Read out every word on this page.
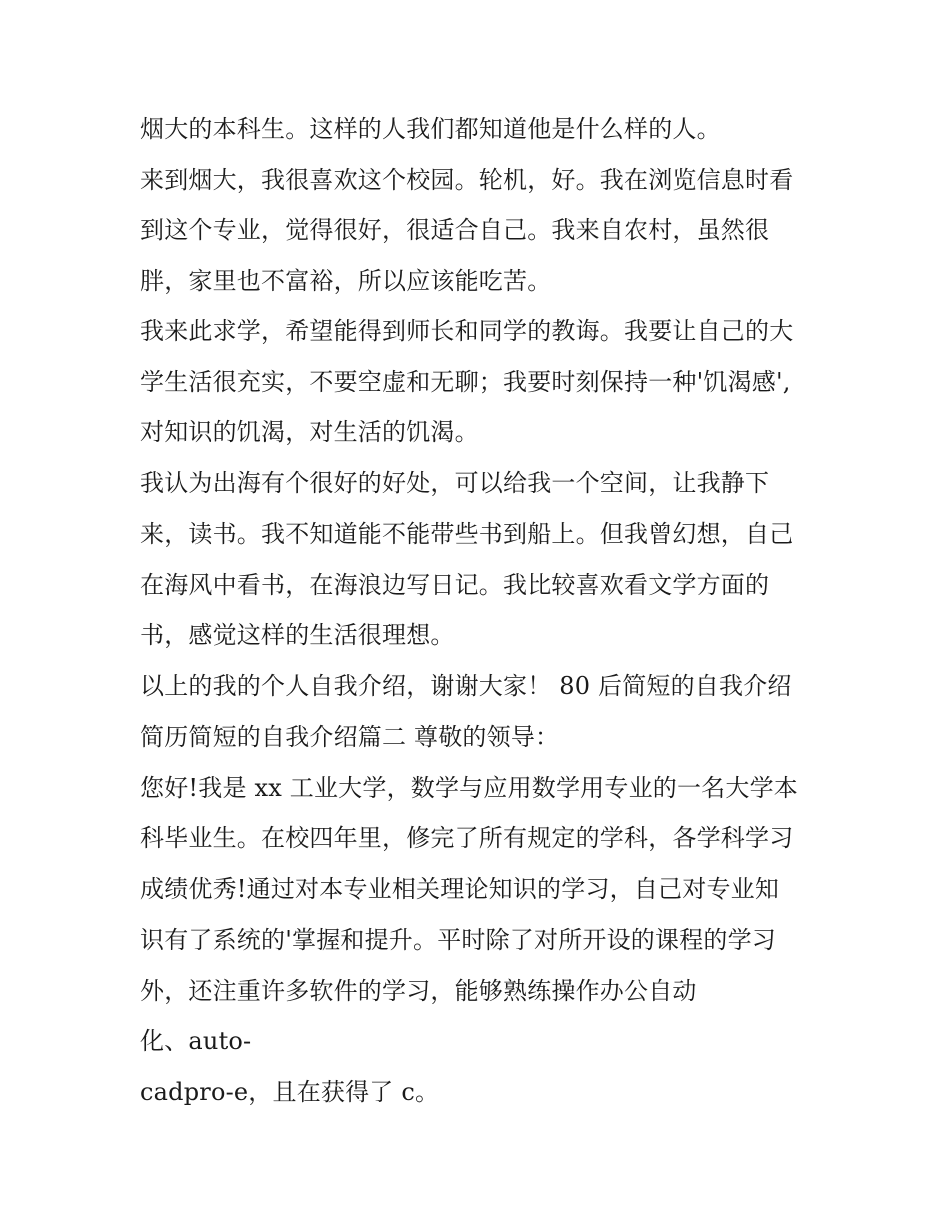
烟大的本科生。这样的人我们都知道他是什么样的人。

来到烟大，我很喜欢这个校园。轮机，好。我在浏览信息时看

到这个专业，觉得很好，很适合自己。我来自农村，虽然很

胖，家里也不富裕，所以应该能吃苦。

我来此求学，希望能得到师长和同学的教诲。我要让自己的大

学生活很充实，不要空虚和无聊；我要时刻保持一种'饥渴感',

对知识的饥渴，对生活的饥渴。

我认为出海有个很好的好处，可以给我一个空间，让我静下

来，读书。我不知道能不能带些书到船上。但我曾幻想，自己

在海风中看书，在海浪边写日记。我比较喜欢看文学方面的

书，感觉这样的生活很理想。

以上的我的个人自我介绍，谢谢大家！ 80 后简短的自我介绍

简历简短的自我介绍篇二 尊敬的领导：

您好!我是 xx 工业大学，数学与应用数学用专业的一名大学本

科毕业生。在校四年里，修完了所有规定的学科，各学科学习

成绩优秀!通过对本专业相关理论知识的学习，自己对专业知

识有了系统的'掌握和提升。平时除了对所开设的课程的学习

外，还注重许多软件的学习，能够熟练操作办公自动

化、auto-

cadpro-e，且在获得了 c。
